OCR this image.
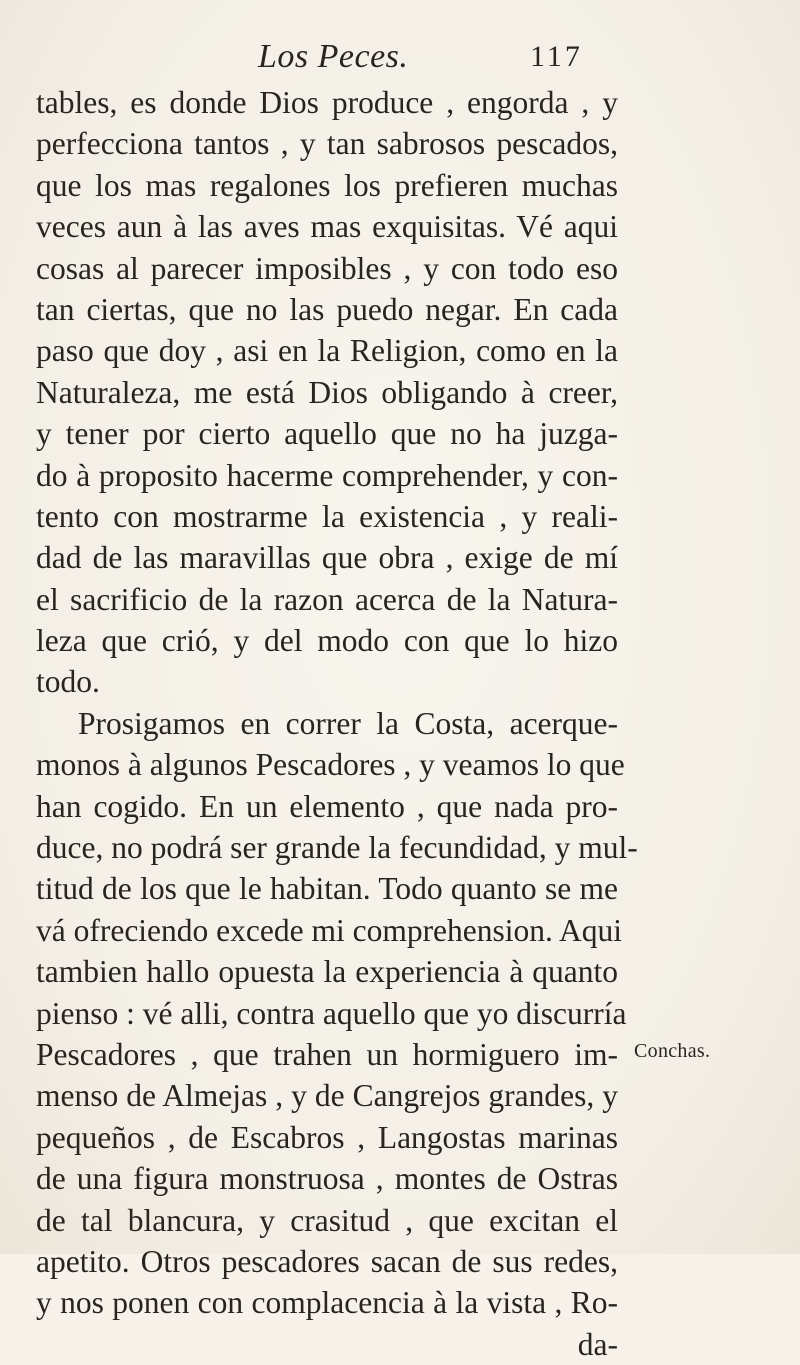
Los Peces.	117
tables, es donde Dios produce , engorda , y
perfecciona tantos , y tan sabrosos pescados,
que los mas regalones los prefieren muchas
veces aun à las aves mas exquisitas. Vé aqui
cosas al parecer imposibles , y con todo eso
tan ciertas, que no las puedo negar. En cada
paso que doy , asi en la Religion, como en la
Naturaleza, me está Dios obligando à creer,
y tener por cierto aquello que no ha juzga-
do à proposito hacerme comprehender, y con-
tento con mostrarme la existencia , y reali-
dad de las maravillas que obra , exige de mí
el sacrificio de la razon acerca de la Natura-
leza que crió, y del modo con que lo hizo
todo.
Prosigamos en correr la Costa, acerque-
monos à algunos Pescadores , y veamos lo que
han cogido. En un elemento , que nada pro-
duce, no podrá ser grande la fecundidad, y mul-
titud de los que le habitan. Todo quanto se me
vá ofreciendo excede mi comprehension. Aqui
tambien hallo opuesta la experiencia à quanto
pienso : vé alli, contra aquello que yo discurría
Pescadores , que trahen un hormiguero im-
menso de Almejas , y de Cangrejos grandes, y
pequeños , de Escabros , Langostas marinas
de una figura monstruosa , montes de Ostras
de tal blancura, y crasitud , que excitan el
apetito. Otros pescadores sacan de sus redes,
y nos ponen con complacencia à la vista , Ro-
da-
Conchas.
